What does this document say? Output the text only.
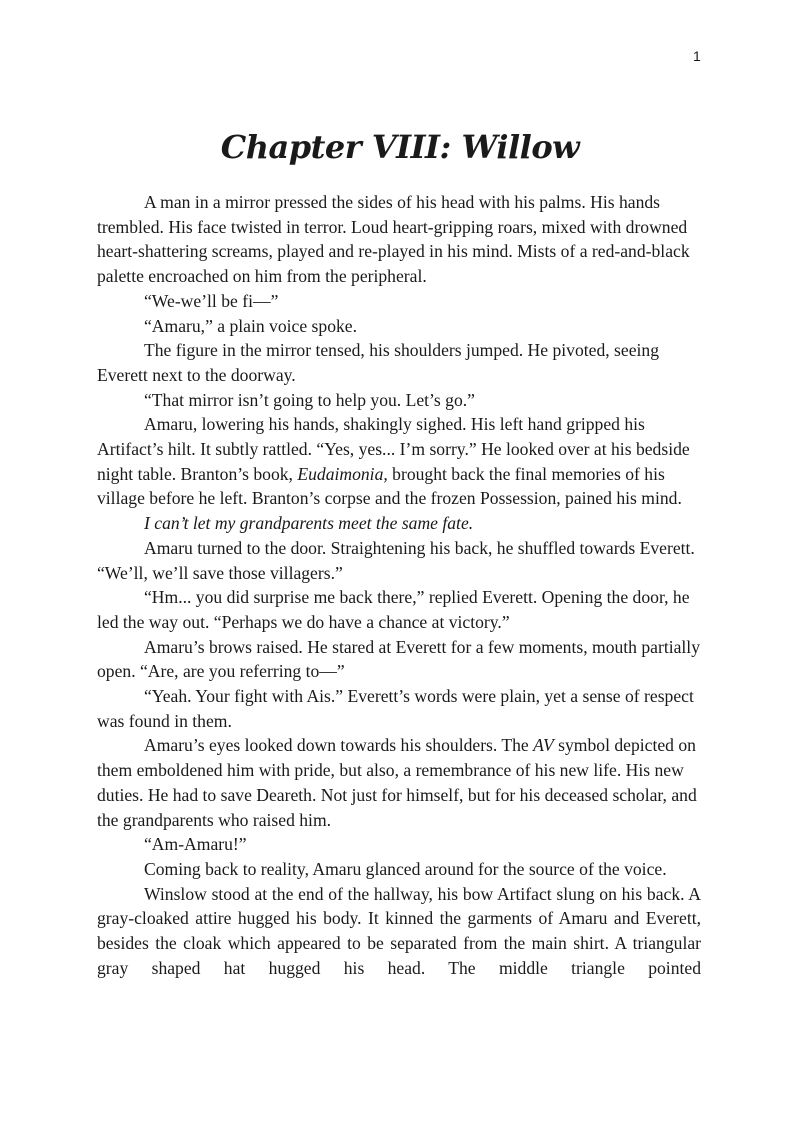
1
Chapter VIII: Willow

A man in a mirror pressed the sides of his head with his palms. His hands trembled. His face twisted in terror. Loud heart-gripping roars, mixed with drowned heart-shattering screams, played and re-played in his mind. Mists of a red-and-black palette encroached on him from the peripheral.

“We-we’ll be fi—”

“Amaru,” a plain voice spoke.

The figure in the mirror tensed, his shoulders jumped. He pivoted, seeing Everett next to the doorway.

“That mirror isn’t going to help you. Let’s go.”

Amaru, lowering his hands, shakingly sighed. His left hand gripped his Artifact’s hilt. It subtly rattled. “Yes, yes... I’m sorry.” He looked over at his bedside night table. Branton’s book, Eudaimonia, brought back the final memories of his village before he left. Branton’s corpse and the frozen Possession, pained his mind.

I can’t let my grandparents meet the same fate.

Amaru turned to the door. Straightening his back, he shuffled towards Everett. “We’ll, we’ll save those villagers.”

“Hm... you did surprise me back there,” replied Everett. Opening the door, he led the way out. “Perhaps we do have a chance at victory.”

Amaru’s brows raised. He stared at Everett for a few moments, mouth partially open. “Are, are you referring to—”

“Yeah. Your fight with Ais.” Everett’s words were plain, yet a sense of respect was found in them.

Amaru’s eyes looked down towards his shoulders. The AV symbol depicted on them emboldened him with pride, but also, a remembrance of his new life. His new duties. He had to save Deareth. Not just for himself, but for his deceased scholar, and the grandparents who raised him.

“Am-Amaru!”

Coming back to reality, Amaru glanced around for the source of the voice.

Winslow stood at the end of the hallway, his bow Artifact slung on his back. A gray-cloaked attire hugged his body. It kinned the garments of Amaru and Everett, besides the cloak which appeared to be separated from the main shirt. A triangular gray shaped hat hugged his head. The middle triangle pointed
